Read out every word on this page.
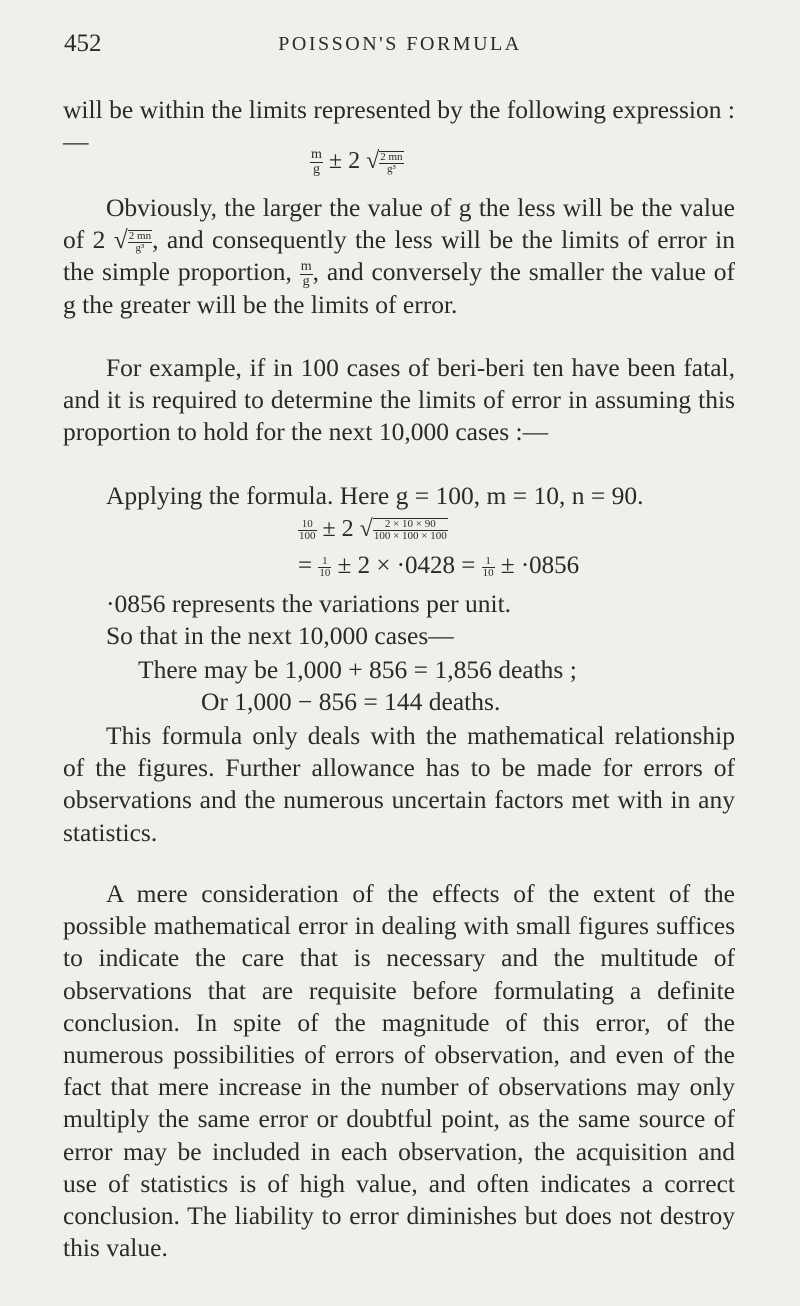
452	POISSON'S FORMULA

will be within the limits represented by the following expression :—

$\frac{m}{g} \pm 2$ √ $\frac{2 mn}{\text{g³}}$

Obviously, the larger the value of g the less will be the value of 2 √ $\frac{2 mn}{\text{g³}}$ , and consequently the less will be the limits of error in the simple proportion, $\frac{m}{g}$ , and conversely the smaller the value of g the greater will be the limits of error.

For example, if in 100 cases of beri-beri ten have been fatal, and it is required to determine the limits of error in assuming this proportion to hold for the next 10,000 cases :—

Applying the formula. Here g = 100, m = 10, n = 90.

$\frac{10}{100} \pm 2$ √ $\frac{2 \times 10 \times 90}{100 \times 100 \times 100}$
= $\frac{1}{10} \pm 2 \times \cdot 0428 = \frac{1}{10} \pm \cdot 0856$

·0856 represents the variations per unit.

So that in the next 10,000 cases—

There may be 1,000 + 856 = 1,856 deaths ;

Or 1,000 − 856 = 144 deaths.

This formula only deals with the mathematical relationship of the figures. Further allowance has to be made for errors of observations and the numerous uncertain factors met with in any statistics.

A mere consideration of the effects of the extent of the possible mathematical error in dealing with small figures suffices to indicate the care that is necessary and the multitude of observations that are requisite before formulating a definite conclusion. In spite of the magnitude of this error, of the numerous possibilities of errors of observation, and even of the fact that mere increase in the number of observations may only multiply the same error or doubtful point, as the same source of error may be included in each observation, the acquisition and use of statistics is of high value, and often indicates a correct conclusion. The liability to error diminishes but does not destroy this value.
